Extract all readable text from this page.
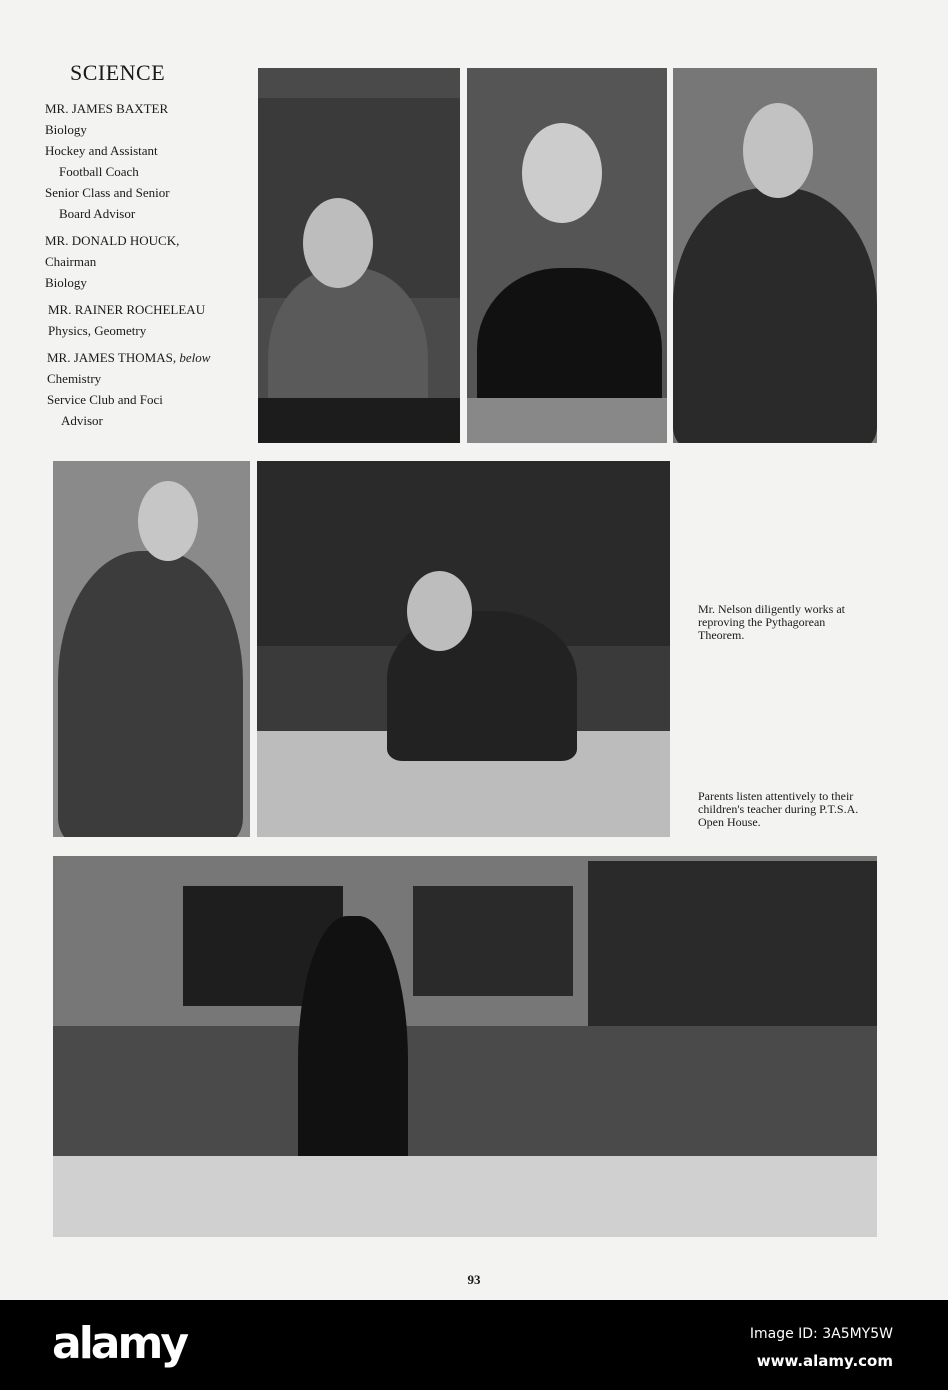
SCIENCE
MR. JAMES BAXTER
Biology
Hockey and Assistant
Football Coach
Senior Class and Senior
Board Advisor
MR. DONALD HOUCK,
Chairman
Biology
MR. RAINER ROCHELEAU
Physics, Geometry
MR. JAMES THOMAS, below
Chemistry
Service Club and Foci
Advisor
Mr. Nelson diligently works at reproving the Pythagorean Theorem.
Parents listen attentively to their children's teacher during P.T.S.A. Open House.
93
alamy	Image ID: 3A5MY5W
www.alamy.com
